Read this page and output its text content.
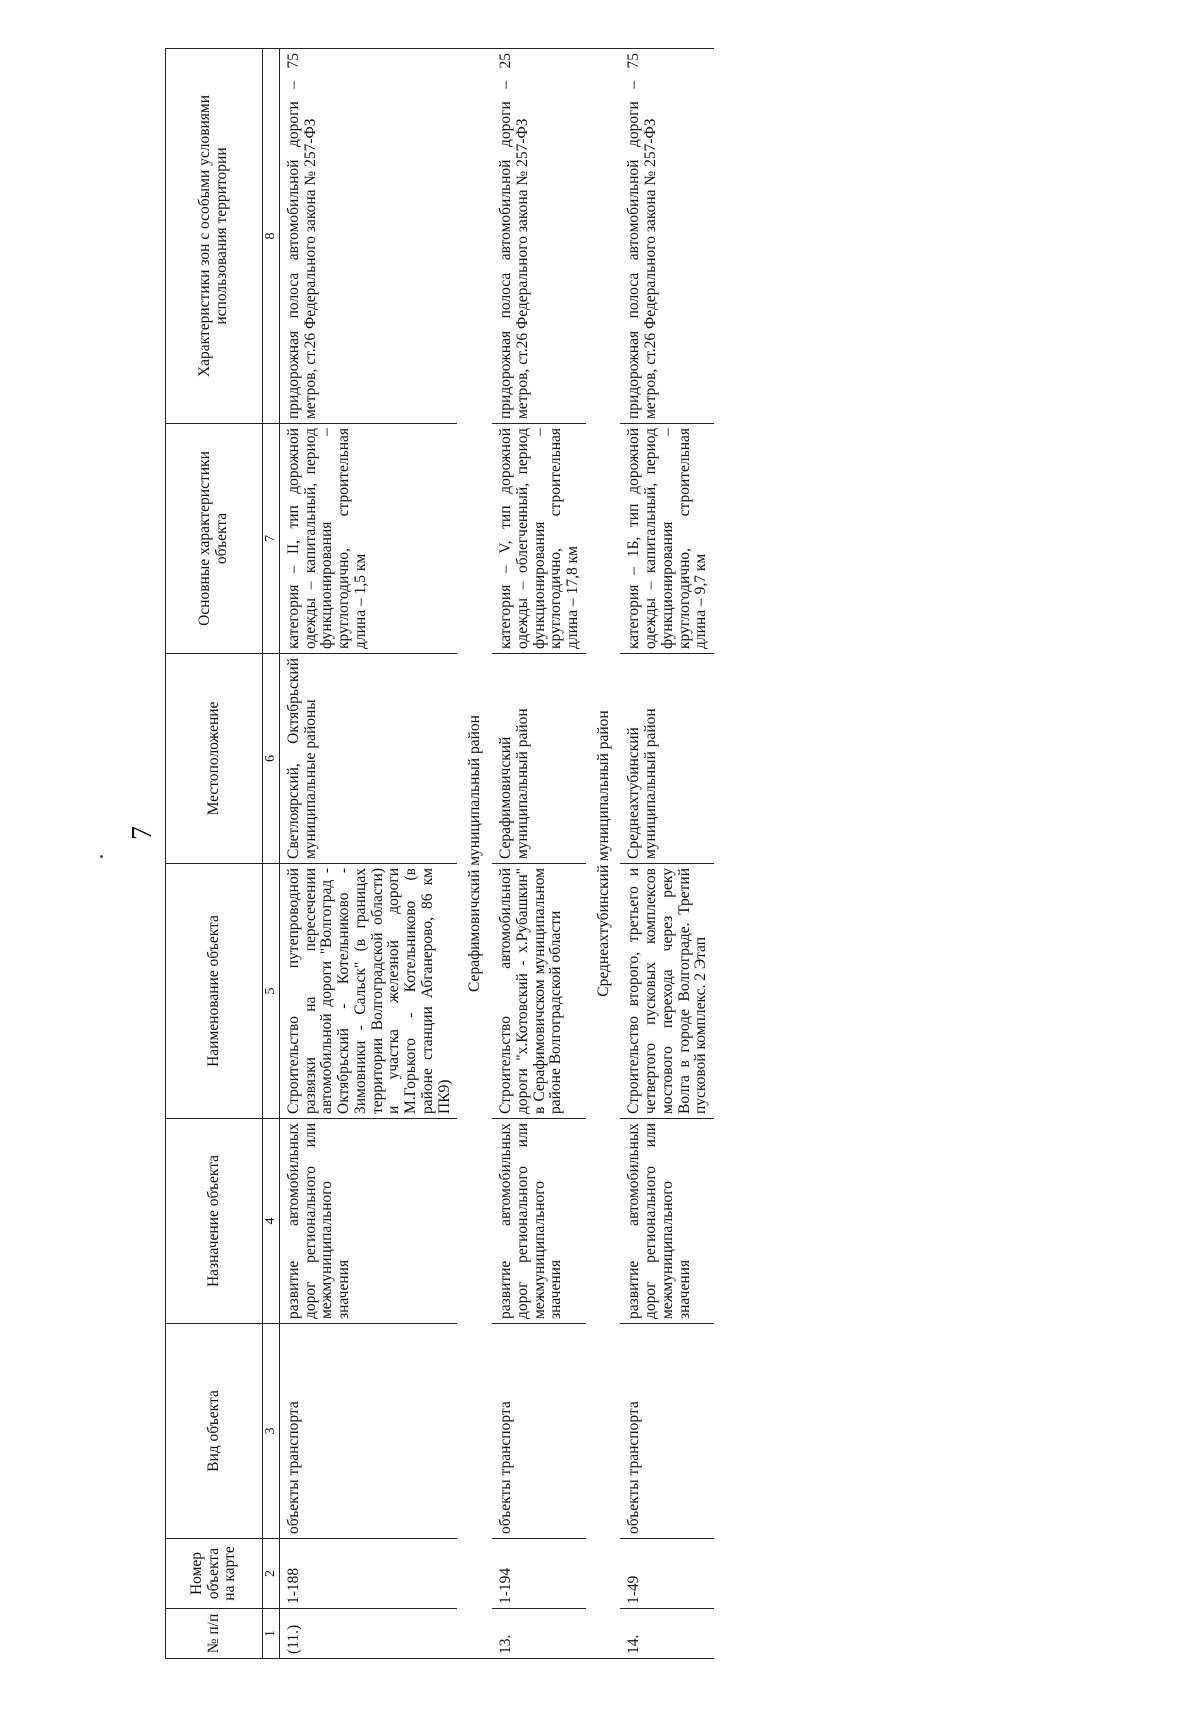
7
№ п/п	Номер объекта на карте	Вид объекта	Назначение объекта	Наименование объекта	Местоположение	Основные характеристики объекта	Характеристики зон с особыми условиями использования территории
1	2	3	4	5	6	7	8
(11.)	1-188	объекты транспорта	развитие автомобильных дорог регионального или межмуниципального значения	Строительство путепроводной развязки на пересечении автомобильной дороги "Волгоград - Октябрьский - Котельниково - Зимовники - Сальск" (в границах территории Волгоградской области) и участка железной дороги М.Горького - Котельниково (в районе станции Абганерово, 86 км ПК9)	Светлоярский, Октябрьский муниципальные районы	категория – II, тип дорожной одежды – капитальный, период функционирования – круглогодично, строительная длина – 1,5 км	придорожная полоса автомобильной дороги – 75 метров, ст.26 Федерального закона № 257-ФЗ
Серафимовичский муниципальный район							
13.	1-194	объекты транспорта	развитие автомобильных дорог регионального или межмуниципального значения	Строительство автомобильной дороги "х.Котовский - х.Рубашкин" в Серафимовичском муниципальном районе Волгоградской области	Серафимовичский муниципальный район	категория – V, тип дорожной одежды – облегченный, период функционирования – круглогодично, строительная длина – 17,8 км	придорожная полоса автомобильной дороги – 25 метров, ст.26 Федерального закона № 257-ФЗ
Среднеахтубинский муниципальный район							
14.	1-49	объекты транспорта	развитие автомобильных дорог регионального или межмуниципального значения	Строительство второго, третьего и четвертого пусковых комплексов мостового перехода через реку Волга в городе Волгограде. Третий пусковой комплекс. 2 Этап	Среднеахтубинский муниципальный район	категория – 1Б, тип дорожной одежды – капитальный, период функционирования – круглогодично, строительная длина – 9,7 км	придорожная полоса автомобильной дороги – 75 метров, ст.26 Федерального закона № 257-ФЗ
